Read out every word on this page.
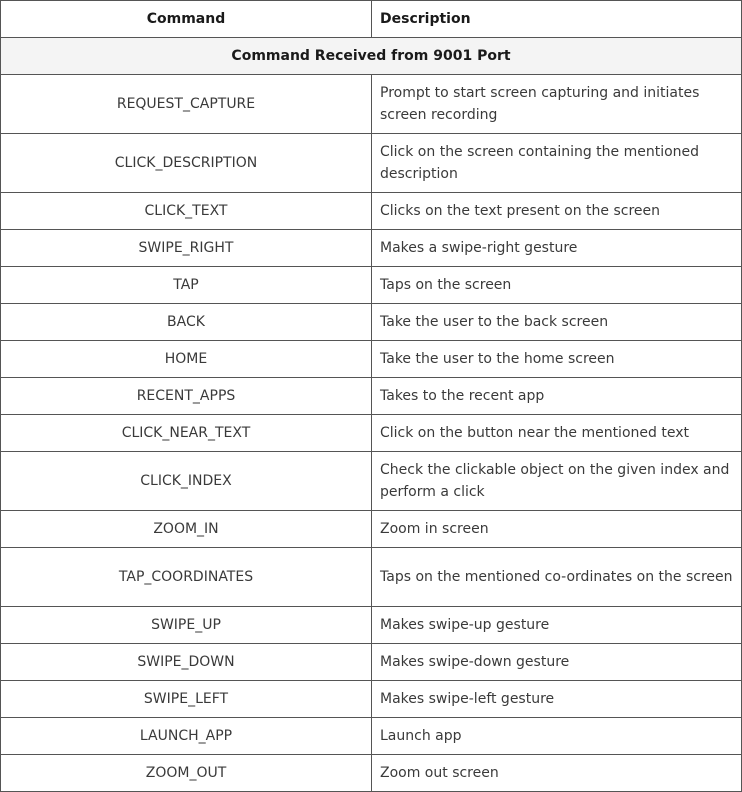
Command	Description
Command Received from 9001 Port	
REQUEST_CAPTURE	Prompt to start screen capturing and initiates screen recording
CLICK_DESCRIPTION	Click on the screen containing the mentioned description
CLICK_TEXT	Clicks on the text present on the screen
SWIPE_RIGHT	Makes a swipe-right gesture
TAP	Taps on the screen
BACK	Take the user to the back screen
HOME	Take the user to the home screen
RECENT_APPS	Takes to the recent app
CLICK_NEAR_TEXT	Click on the button near the mentioned text
CLICK_INDEX	Check the clickable object on the given index and perform a click
ZOOM_IN	Zoom in screen
TAP_COORDINATES	Taps on the mentioned co-ordinates on the screen
SWIPE_UP	Makes swipe-up gesture
SWIPE_DOWN	Makes swipe-down gesture
SWIPE_LEFT	Makes swipe-left gesture
LAUNCH_APP	Launch app
ZOOM_OUT	Zoom out screen
